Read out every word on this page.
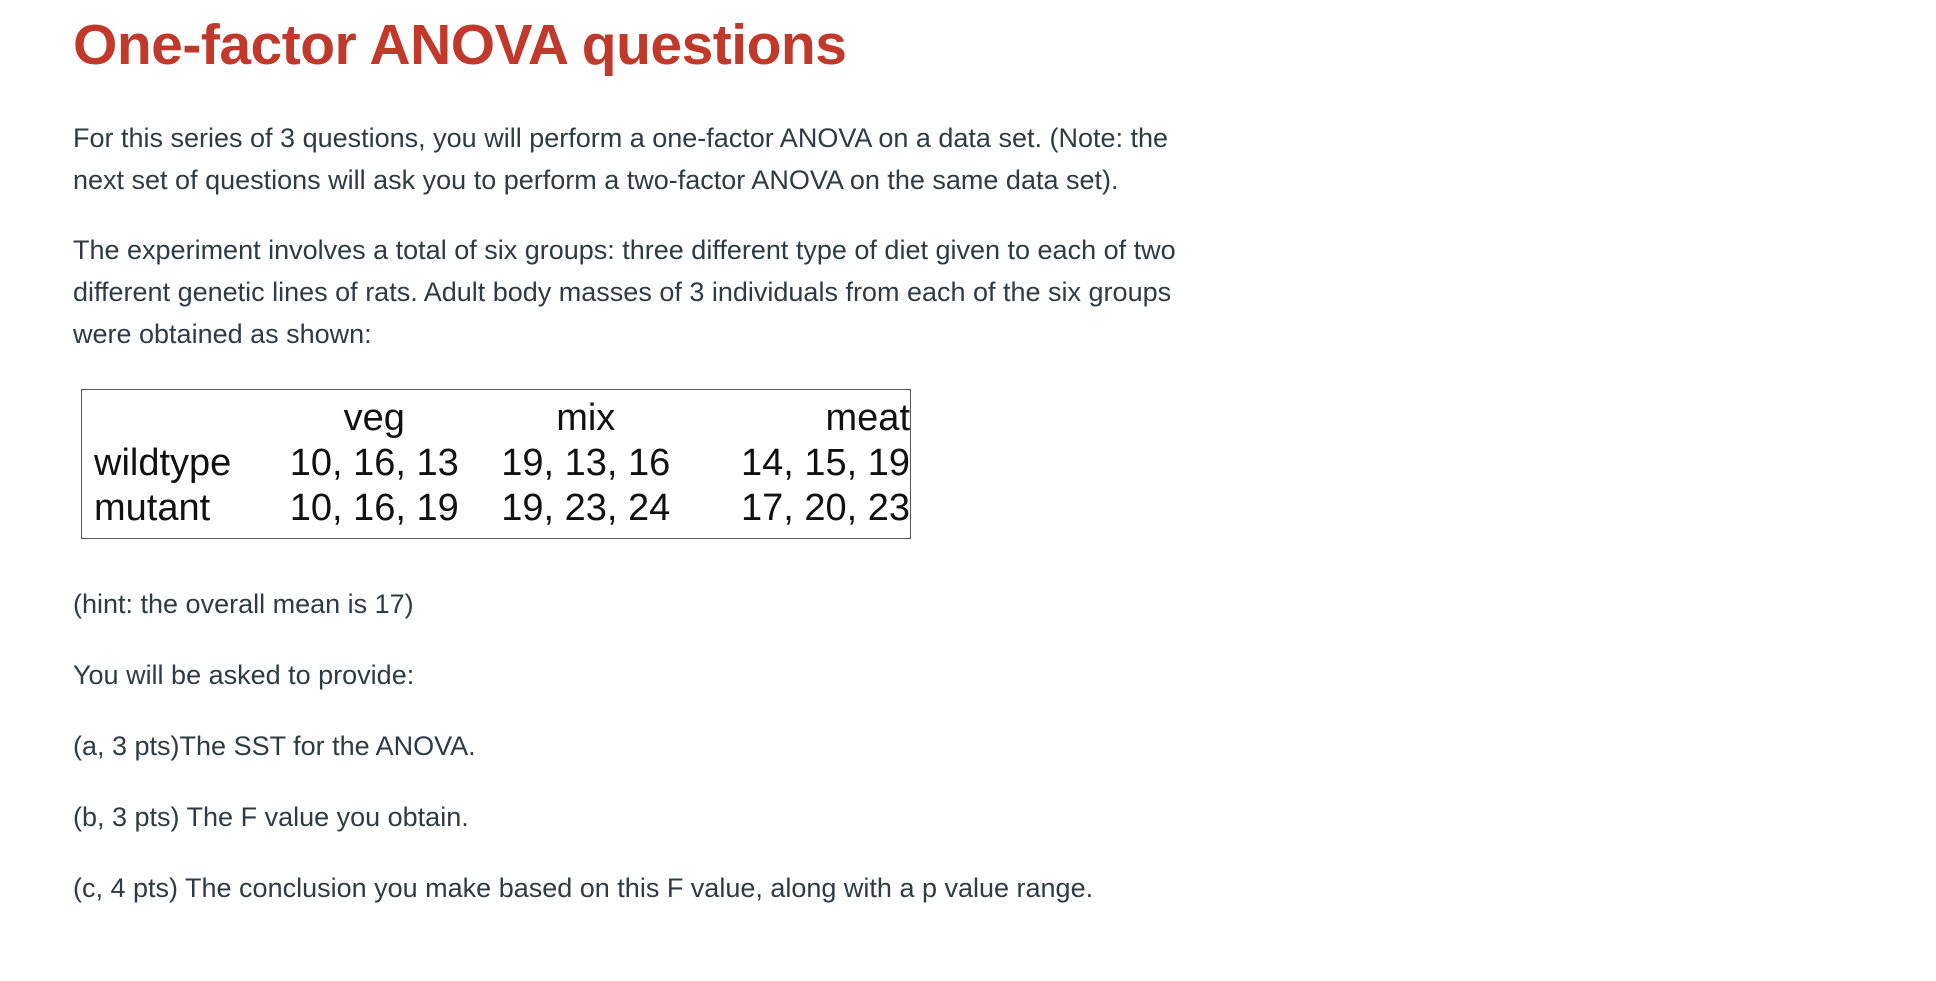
One-factor ANOVA questions

For this series of 3 questions, you will perform a one-factor ANOVA on a data set. (Note: the next set of questions will ask you to perform a two-factor ANOVA on the same data set).

The experiment involves a total of six groups: three different type of diet given to each of two different genetic lines of rats. Adult body masses of 3 individuals from each of the six groups were obtained as shown:

	veg	mix	meat
wildtype	10, 16, 13	19, 13, 16	14, 15, 19
mutant	10, 16, 19	19, 23, 24	17, 20, 23

(hint: the overall mean is 17)

You will be asked to provide:

(a, 3 pts)The SST for the ANOVA.

(b, 3 pts) The F value you obtain.

(c, 4 pts) The conclusion you make based on this F value, along with a p value range.
